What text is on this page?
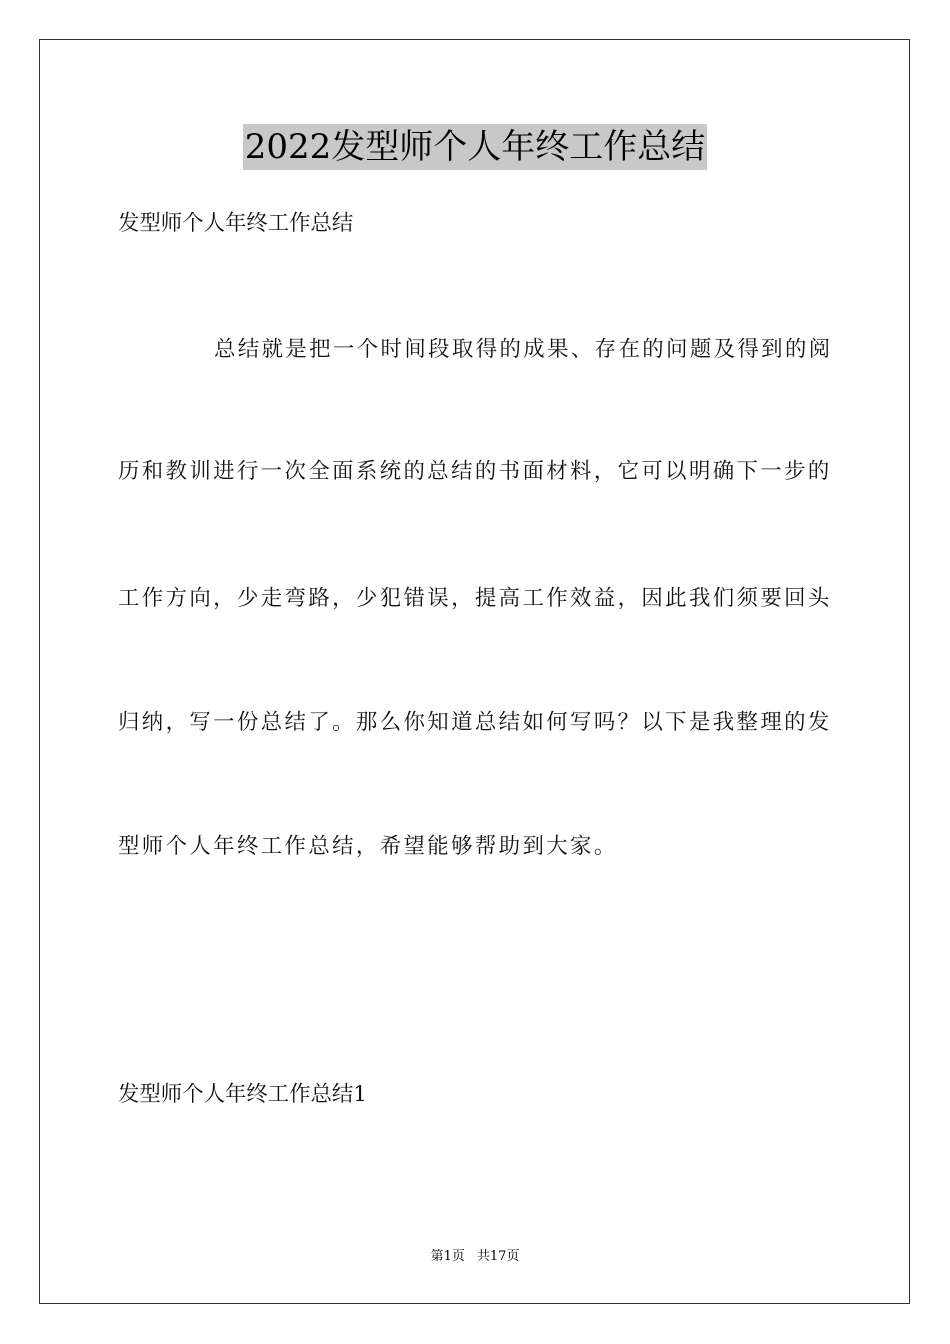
2022发型师个人年终工作总结
发型师个人年终工作总结
总结就是把一个时间段取得的成果、存在的问题及得到的阅
历和教训进行一次全面系统的总结的书面材料，它可以明确下一步的
工作方向，少走弯路，少犯错误，提高工作效益，因此我们须要回头
归纳，写一份总结了。那么你知道总结如何写吗？以下是我整理的发
型师个人年终工作总结，希望能够帮助到大家。
发型师个人年终工作总结1
第1页 共17页
